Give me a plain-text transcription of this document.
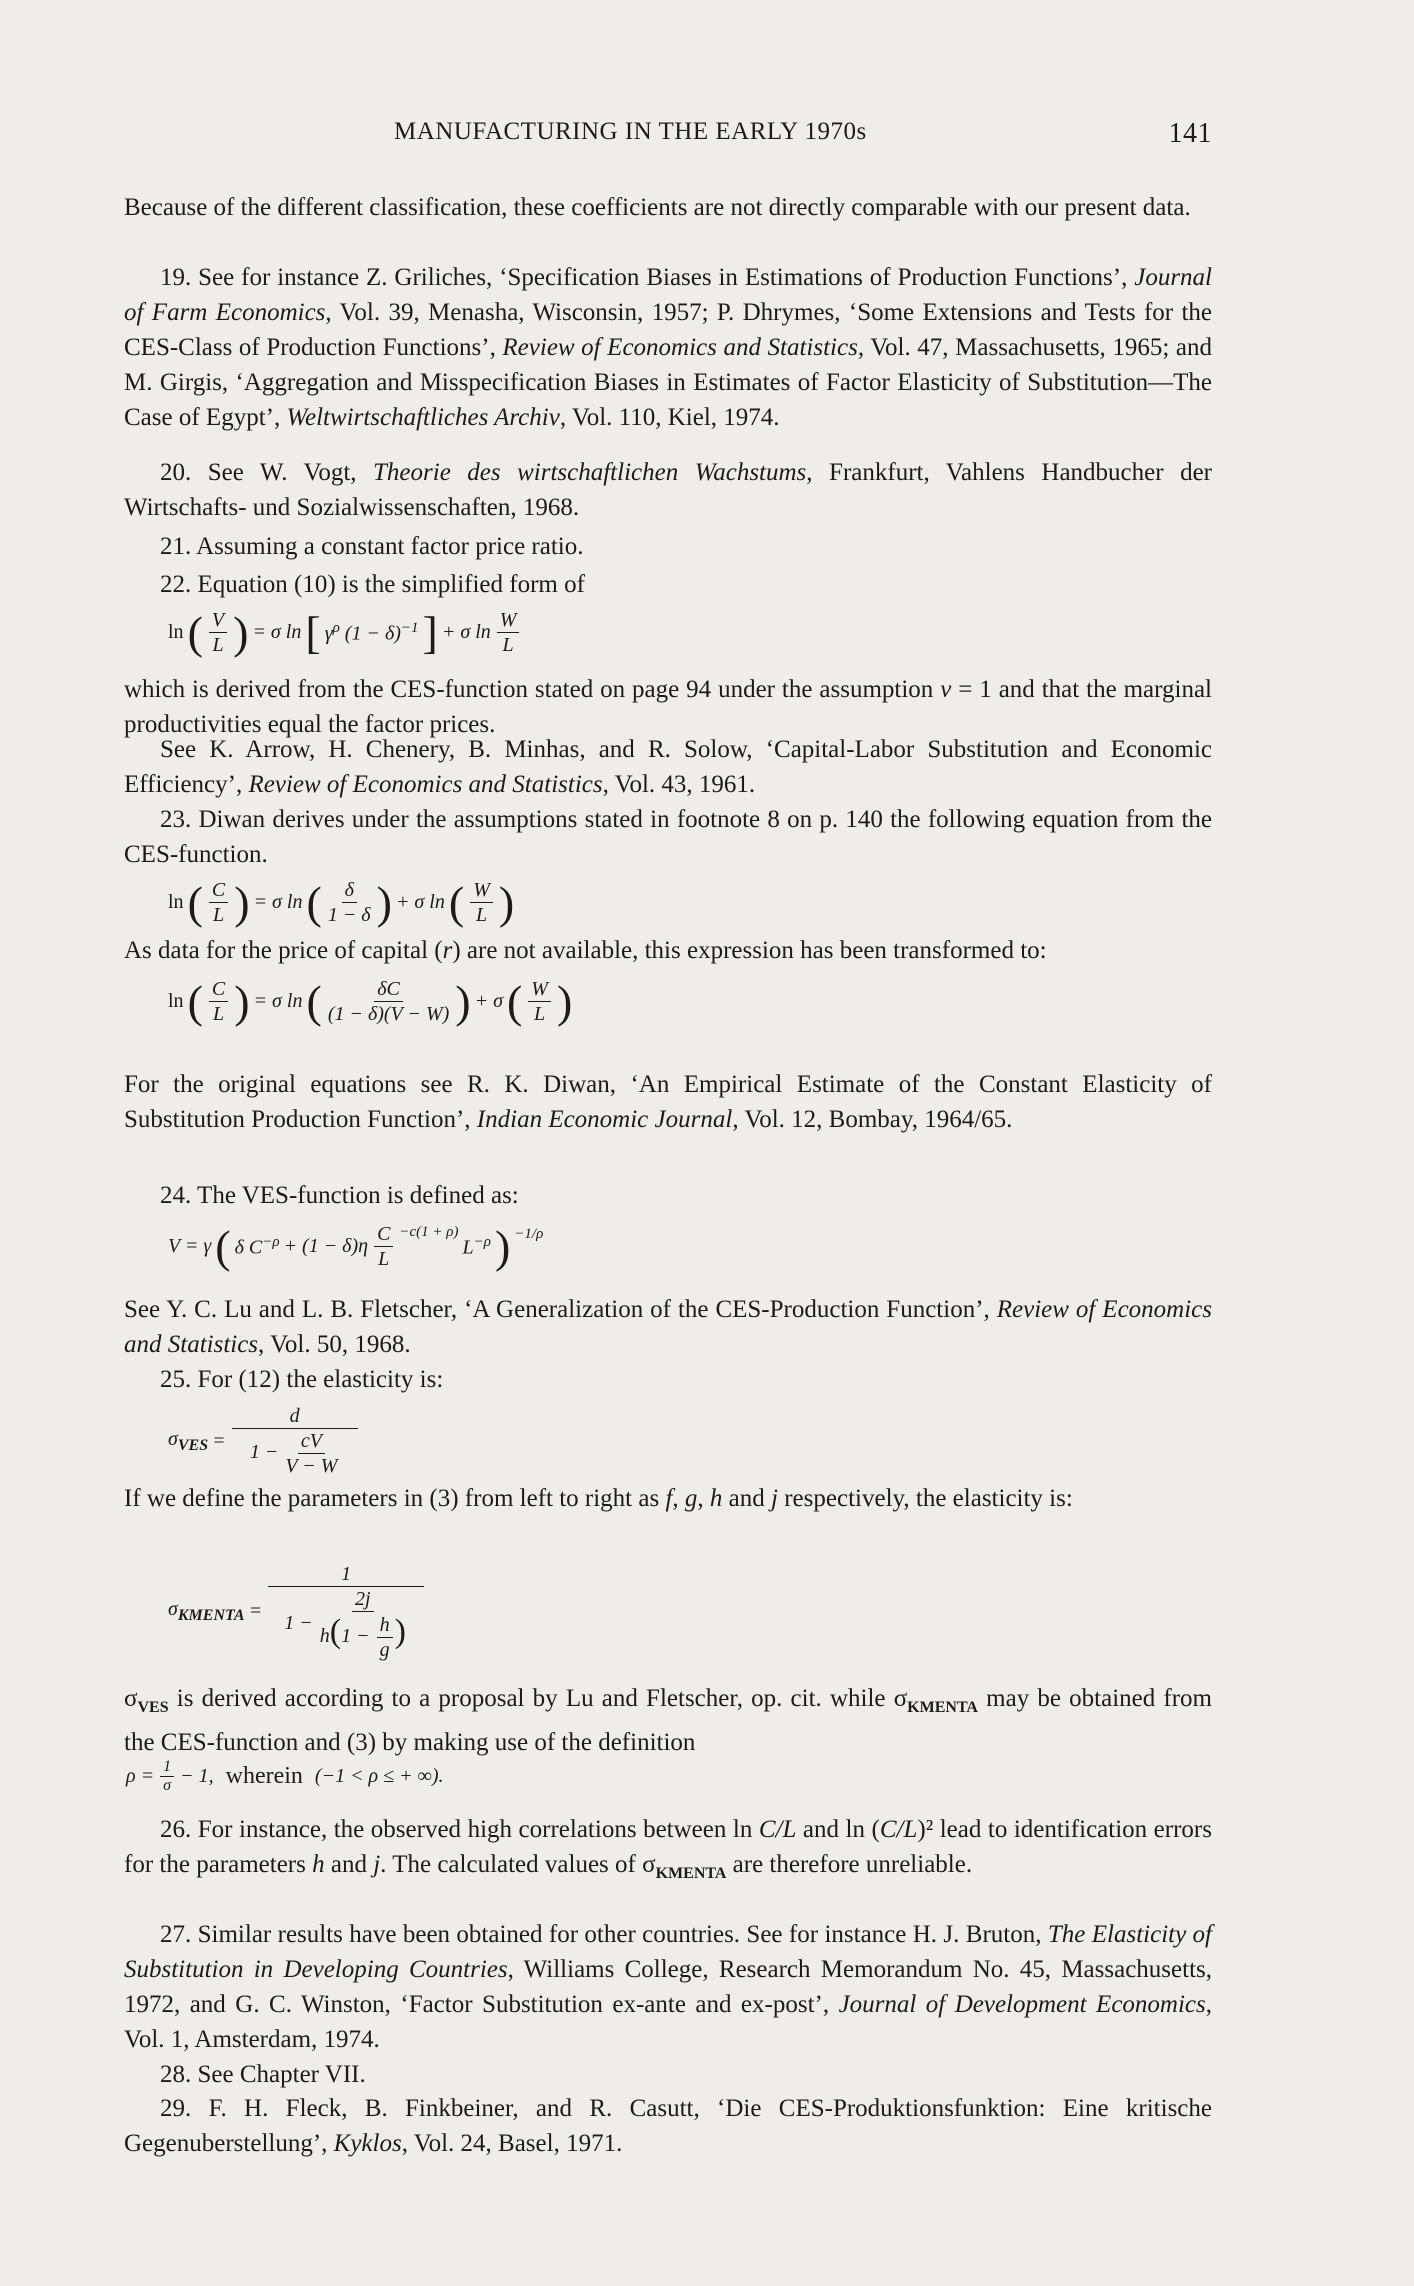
MANUFACTURING IN THE EARLY 1970s	141
Because of the different classification, these coefficients are not directly comparable with our present data.
19. See for instance Z. Griliches, ‘Specification Biases in Estimations of Production Functions’, Journal of Farm Economics, Vol. 39, Menasha, Wisconsin, 1957; P. Dhrymes, ‘Some Extensions and Tests for the CES-Class of Production Functions’, Review of Economics and Statistics, Vol. 47, Massachusetts, 1965; and M. Girgis, ‘Aggregation and Misspecification Biases in Estimates of Factor Elasticity of Substitution—The Case of Egypt’, Weltwirtschaftliches Archiv, Vol. 110, Kiel, 1974.
20. See W. Vogt, Theorie des wirtschaftlichen Wachstums, Frankfurt, Vahlens Handbucher der Wirtschafts- und Sozialwissenschaften, 1968.
21. Assuming a constant factor price ratio.
22. Equation (10) is the simplified form of
ln ( $\frac{V}{L}$ ) = σ ln [ $\gamma^\rho$ $(1 - \delta)^{-1}$ ] + σ $\ln \frac{W}{L}$
which is derived from the CES-function stated on page 94 under the assumption ν = 1 and that the marginal productivities equal the factor prices.
See K. Arrow, H. Chenery, B. Minhas, and R. Solow, ‘Capital-Labor Substitution and Economic Efficiency’, Review of Economics and Statistics, Vol. 43, 1961.
23. Diwan derives under the assumptions stated in footnote 8 on p. 140 the following equation from the CES-function.
ln ( $\frac{C}{L}$ ) = σ ln ( $\frac{\delta}{1 - \delta}$ ) + σ ln ( $\frac{W}{L}$ )
As data for the price of capital (r) are not available, this expression has been transformed to:
ln ( $\frac{C}{L}$ ) = σ ln ( $\frac{\delta C}{(1 - \delta)(V - W)}$ ) + σ ( $\frac{W}{L}$ )
For the original equations see R. K. Diwan, ‘An Empirical Estimate of the Constant Elasticity of Substitution Production Function’, Indian Economic Journal, Vol. 12, Bombay, 1964/65.
24. The VES-function is defined as:
V = γ ( δ $C^{-\rho} + (1 - \delta)\eta \frac{C}{L} ^{-c(1 + \rho)}$
$L^{-\rho}$ ) $^{-1/\rho}$
See Y. C. Lu and L. B. Fletscher, ‘A Generalization of the CES-Production Function’, Review of Economics and Statistics, Vol. 50, 1968.
25. For (12) the elasticity is:
$\sigma_{VES} = \frac{d}{1 - \frac{cV}{V - W}}$
If we define the parameters in (3) from left to right as f, g, h and j respectively, the elasticity is:
$\sigma_{KMENTA} = \frac{1}{1 - \frac{2j}{h(1 - \frac{h}{g} )}}$
$\sigma_{VES}$ is derived according to a proposal by Lu and Fletscher, op. cit. while $\sigma_{KMENTA}$ may be obtained from the CES-function and (3) by making use of the definition
$\rho = \frac{1}{\sigma} - 1$, wherein (−1 < ρ ≤ + ∞).
26. For instance, the observed high correlations between ln C/L and ln (C/L)² lead to identification errors for the parameters h and j. The calculated values of $\sigma_{KMENTA}$ are therefore unreliable.
27. Similar results have been obtained for other countries. See for instance H. J. Bruton, The Elasticity of Substitution in Developing Countries, Williams College, Research Memorandum No. 45, Massachusetts, 1972, and G. C. Winston, ‘Factor Substitution ex-ante and ex-post’, Journal of Development Economics, Vol. 1, Amsterdam, 1974.
28. See Chapter VII.
29. F. H. Fleck, B. Finkbeiner, and R. Casutt, ‘Die CES-Produktionsfunktion: Eine kritische Gegenuberstellung’, Kyklos, Vol. 24, Basel, 1971.
